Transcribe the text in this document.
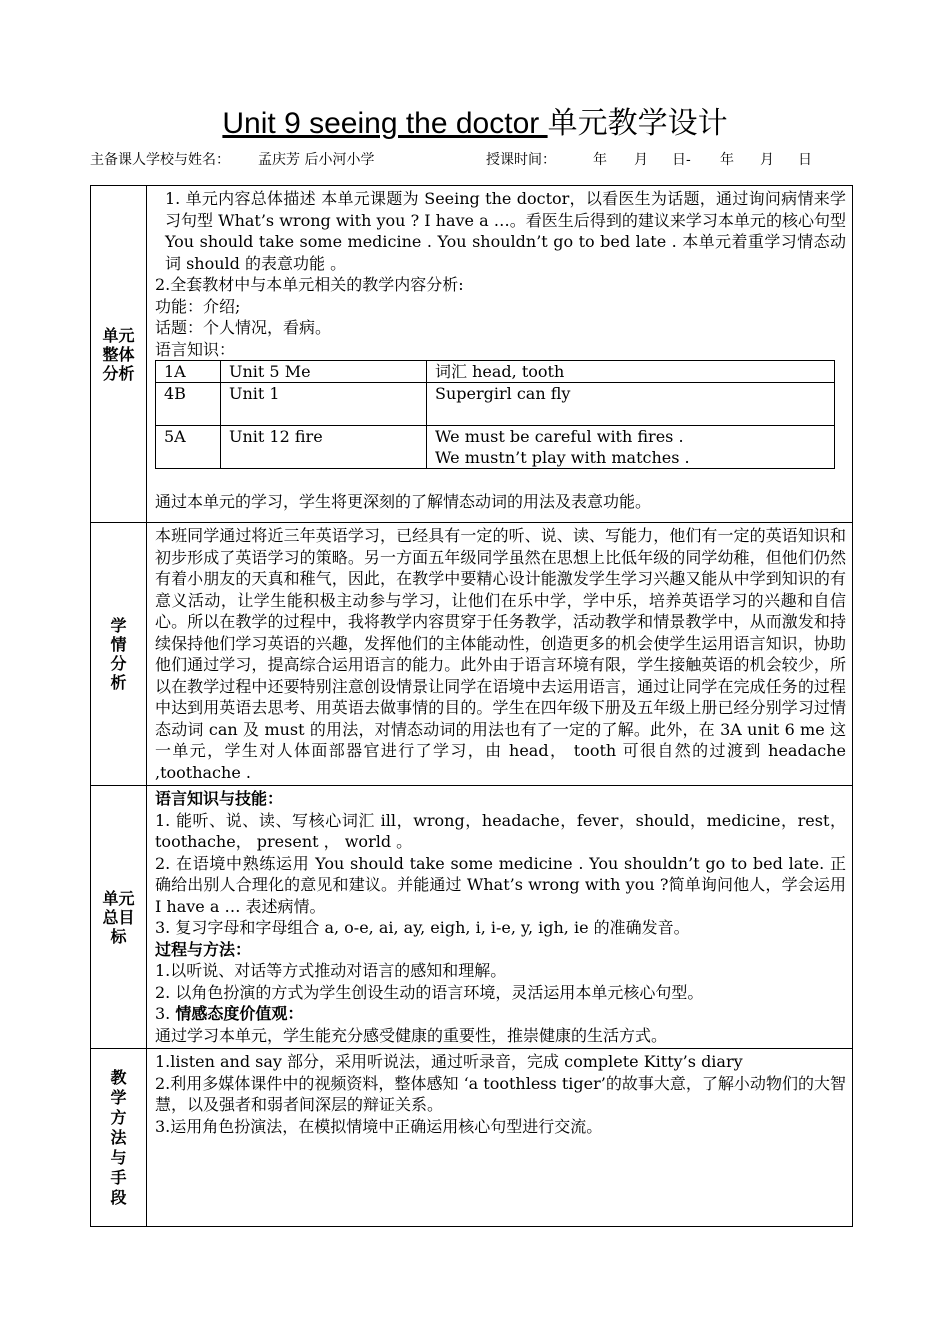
Unit 9 seeing the doctor 单元教学设计
主备课人学校与姓名： 孟庆芳 后小河小学	授课时间：	年 月 日- 年 月 日
单元
整体
分析

1. 单元内容总体描述 本单元课题为 Seeing the doctor，以看医生为话题，通过询问病情来学习句型 What’s wrong with you ? I have a …。看医生后得到的建议来学习本单元的核心句型 You should take some medicine . You shouldn’t go to bed late . 本单元着重学习情态动词 should 的表意功能 。

2.全套教材中与本单元相关的教学内容分析:

功能：介绍;

话题：个人情况，看病。

语言知识：

1A	Unit 5 Me	词汇 head, tooth
4B	Unit 1	Supergirl can fly
5A	Unit 12 fire	We must be careful with fires .
We mustn’t play with matches .

通过本单元的学习，学生将更深刻的了解情态动词的用法及表意功能。

学
情
分
析

本班同学通过将近三年英语学习，已经具有一定的听、说、读、写能力，他们有一定的英语知识和初步形成了英语学习的策略。另一方面五年级同学虽然在思想上比低年级的同学幼稚，但他们仍然有着小朋友的天真和稚气，因此，在教学中要精心设计能激发学生学习兴趣又能从中学到知识的有意义活动，让学生能积极主动参与学习，让他们在乐中学，学中乐，培养英语学习的兴趣和自信心。所以在教学的过程中，我将教学内容贯穿于任务教学，活动教学和情景教学中，从而激发和持续保持他们学习英语的兴趣，发挥他们的主体能动性，创造更多的机会使学生运用语言知识，协助他们通过学习，提高综合运用语言的能力。此外由于语言环境有限，学生接触英语的机会较少，所以在教学过程中还要特别注意创设情景让同学在语境中去运用语言，通过让同学在完成任务的过程中达到用英语去思考、用英语去做事情的目的。学生在四年级下册及五年级上册已经分别学习过情态动词 can 及 must 的用法，对情态动词的用法也有了一定的了解。此外，在 3A unit 6 me 这一单元，学生对人体面部器官进行了学习，由 head， tooth 可很自然的过渡到 headache ,toothache .

单元
总目
标

语言知识与技能：

1. 能听、说、读、写核心词汇 ill，wrong，headache，fever，should，medicine，rest，toothache， present ， world 。

2. 在语境中熟练运用 You should take some medicine . You shouldn’t go to bed late. 正确给出别人合理化的意见和建议。并能通过 What’s wrong with you ?简单询问他人，学会运用 I have a … 表述病情。

3. 复习字母和字母组合 a, o-e, ai, ay, eigh, i, i-e, y, igh, ie 的准确发音。

过程与方法：

1.以听说、对话等方式推动对语言的感知和理解。

2. 以角色扮演的方式为学生创设生动的语言环境，灵活运用本单元核心句型。

3. 情感态度价值观：

通过学习本单元，学生能充分感受健康的重要性，推崇健康的生活方式。

教
学
方
法
与
手
段

1.listen and say 部分，采用听说法，通过听录音，完成 complete Kitty’s diary

2.利用多媒体课件中的视频资料，整体感知 ‘a toothless tiger’的故事大意，了解小动物们的大智慧，以及强者和弱者间深层的辩证关系。

3.运用角色扮演法，在模拟情境中正确运用核心句型进行交流。
